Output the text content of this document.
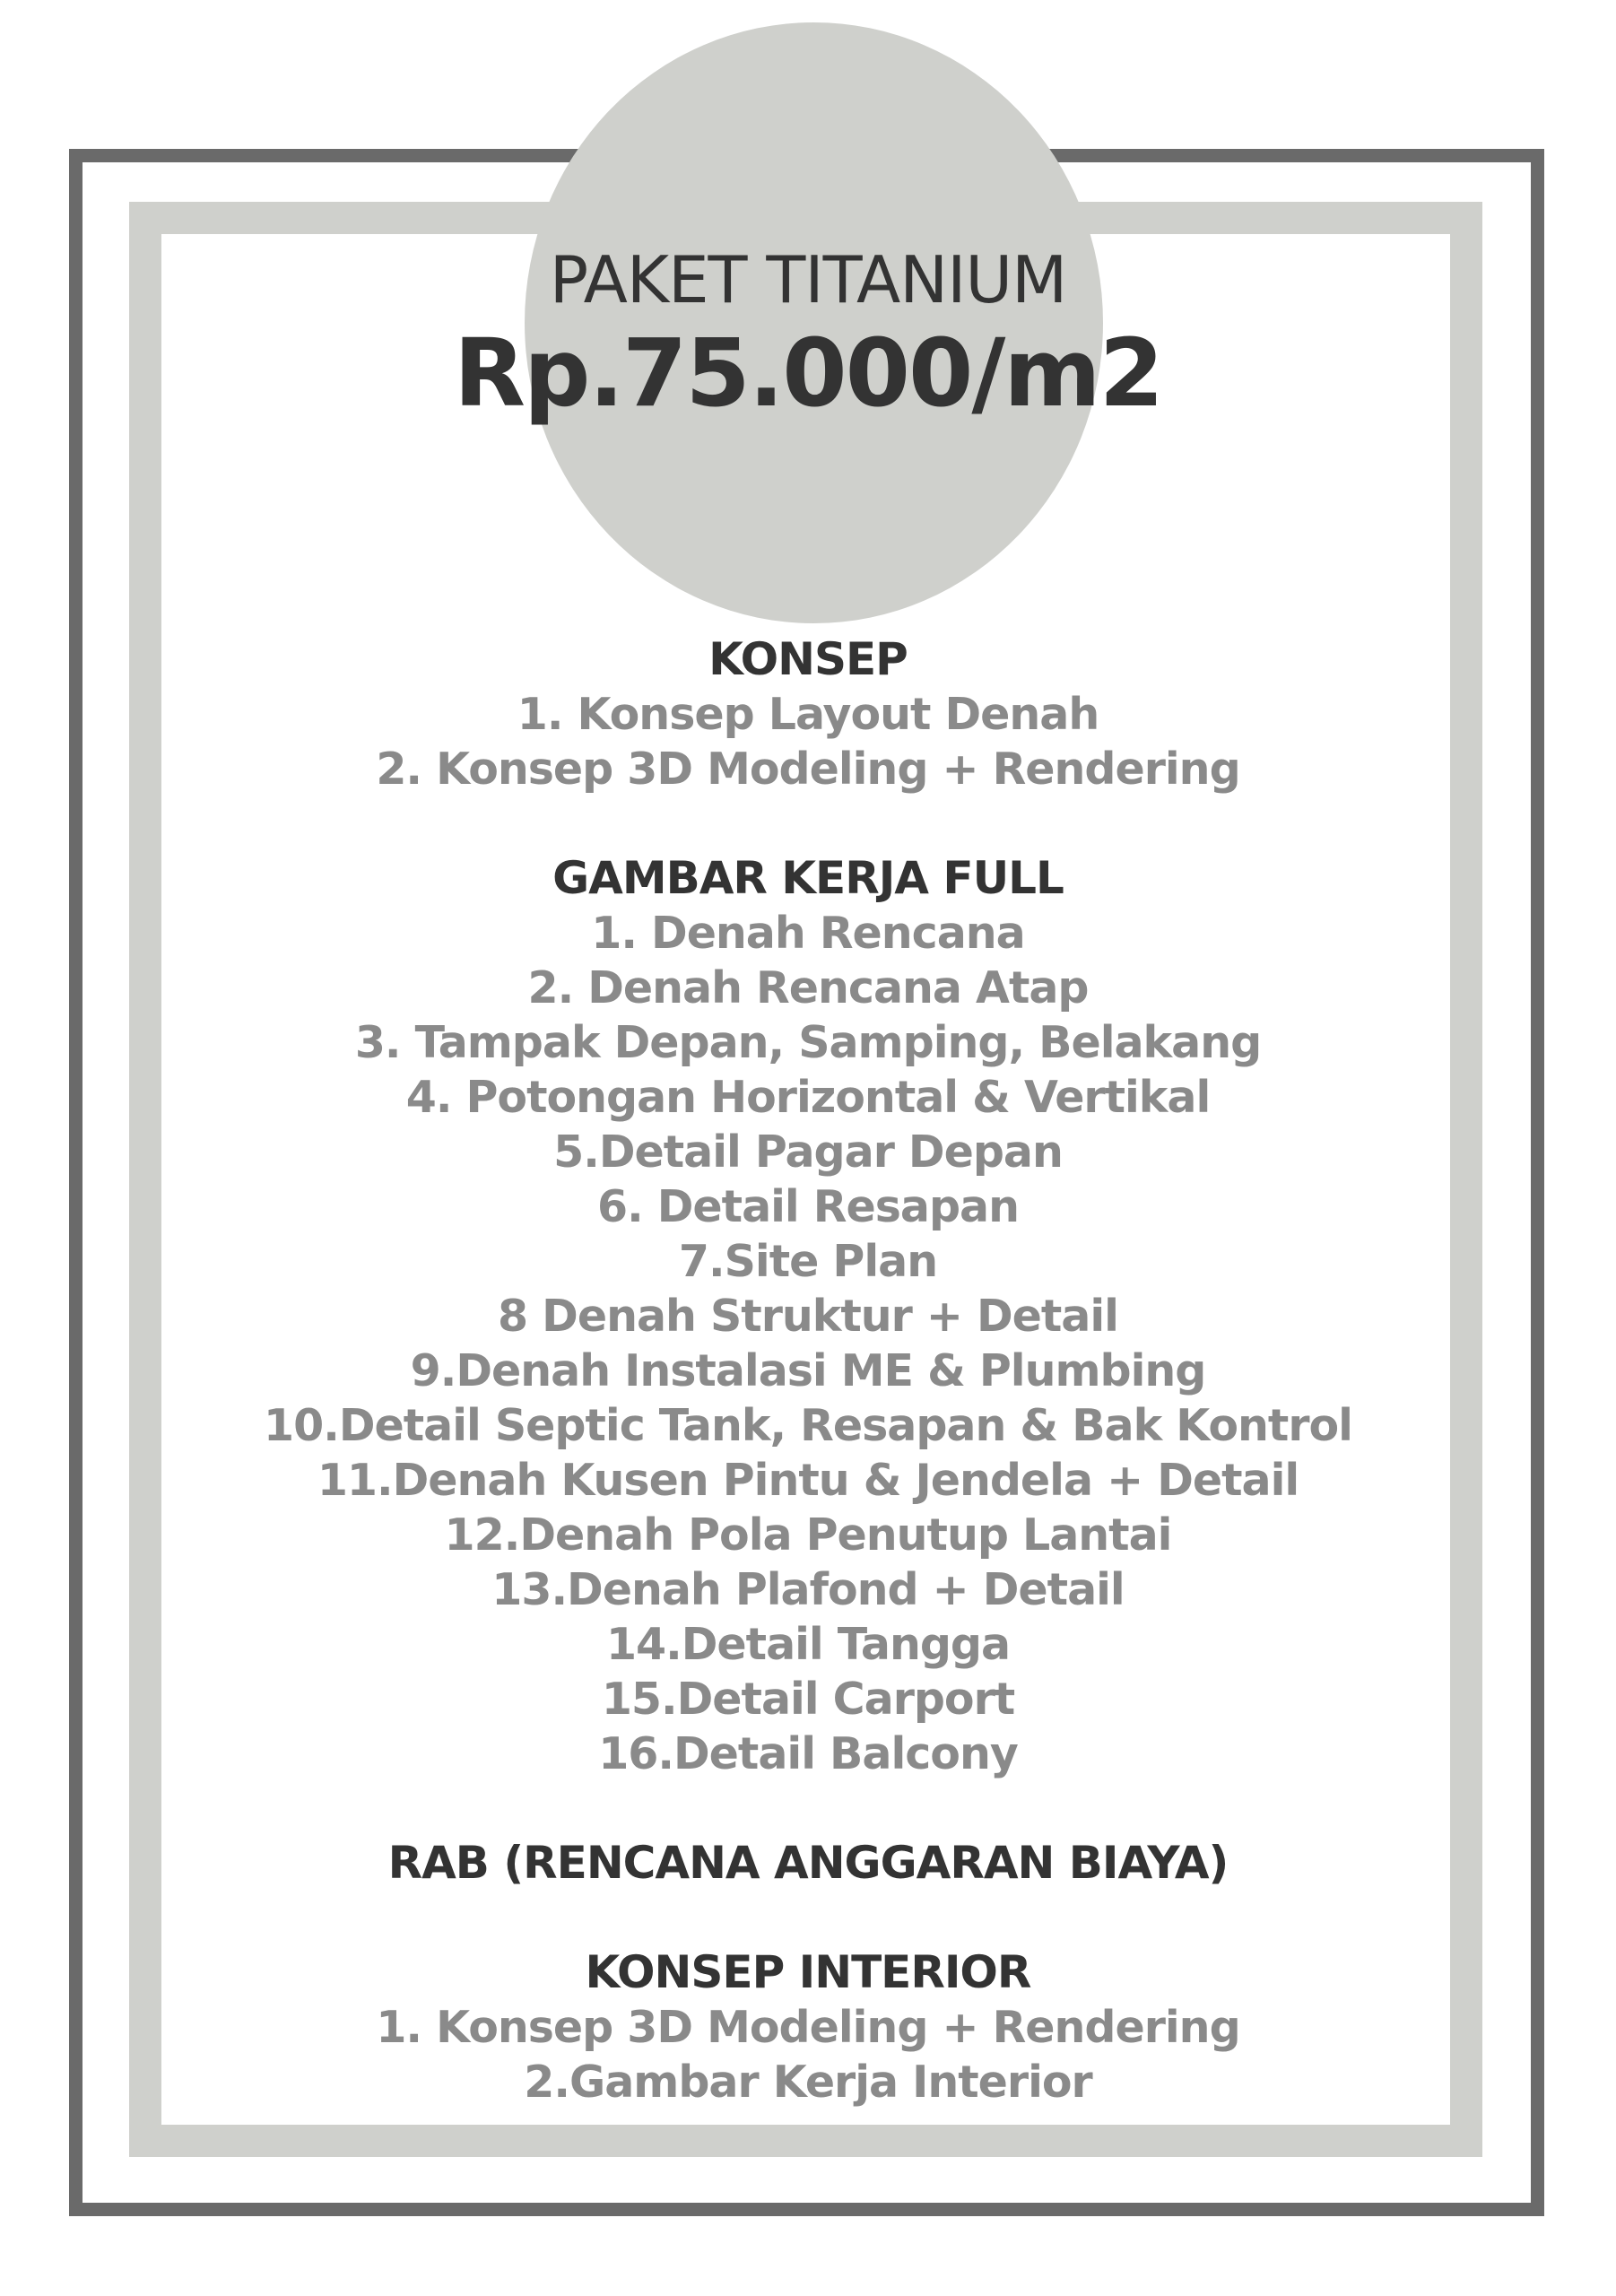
PAKET TITANIUM
Rp.75.000/m2
KONSEP
1. Konsep Layout Denah
2. Konsep 3D Modeling + Rendering
GAMBAR KERJA FULL
1. Denah Rencana
2. Denah Rencana Atap
3. Tampak Depan, Samping, Belakang
4. Potongan Horizontal & Vertikal
5.Detail Pagar Depan
6. Detail Resapan
7.Site Plan
8 Denah Struktur + Detail
9.Denah Instalasi ME & Plumbing
10.Detail Septic Tank, Resapan & Bak Kontrol
11.Denah Kusen Pintu & Jendela + Detail
12.Denah Pola Penutup Lantai
13.Denah Plafond + Detail
14.Detail Tangga
15.Detail Carport
16.Detail Balcony
RAB (RENCANA ANGGARAN BIAYA)
KONSEP INTERIOR
1. Konsep 3D Modeling + Rendering
2.Gambar Kerja Interior
